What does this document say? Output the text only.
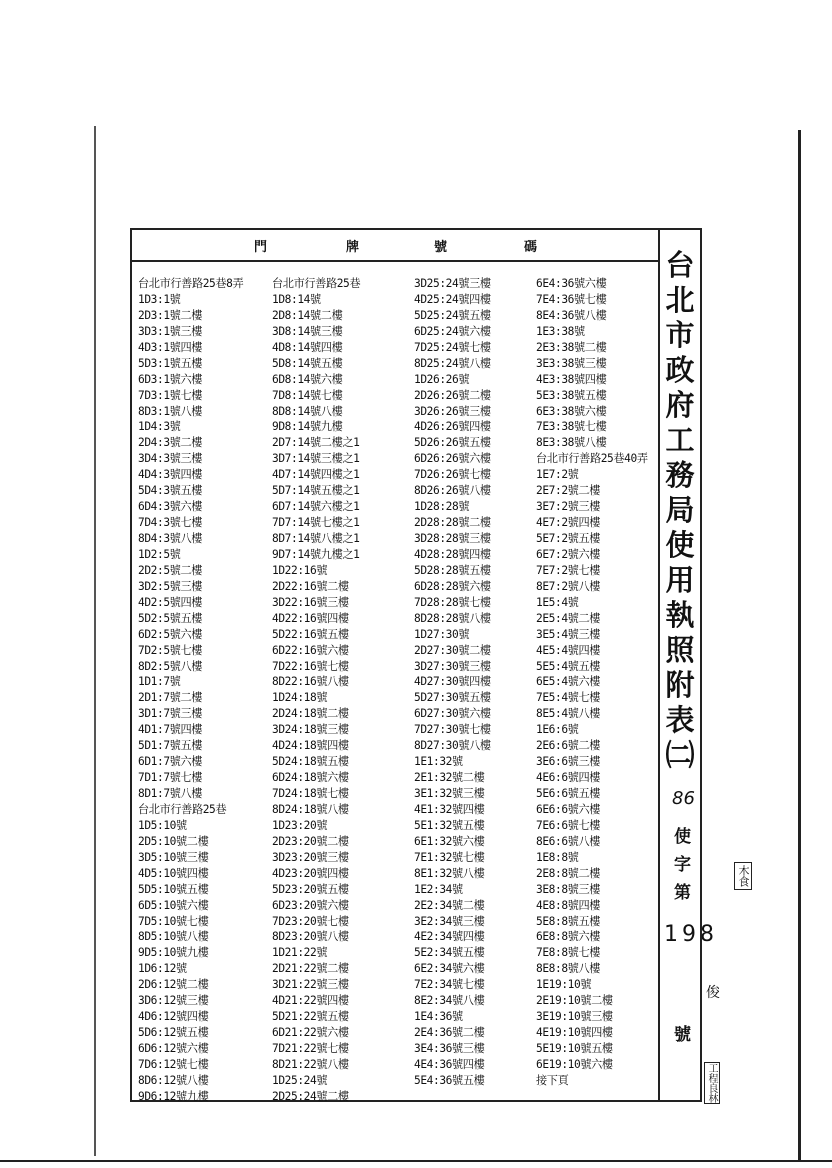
門	牌	號	碼
台北市行善路25巷8弄
1D3:1號
2D3:1號二樓
3D3:1號三樓
4D3:1號四樓
5D3:1號五樓
6D3:1號六樓
7D3:1號七樓
8D3:1號八樓
1D4:3號
2D4:3號二樓
3D4:3號三樓
4D4:3號四樓
5D4:3號五樓
6D4:3號六樓
7D4:3號七樓
8D4:3號八樓
1D2:5號
2D2:5號二樓
3D2:5號三樓
4D2:5號四樓
5D2:5號五樓
6D2:5號六樓
7D2:5號七樓
8D2:5號八樓
1D1:7號
2D1:7號二樓
3D1:7號三樓
4D1:7號四樓
5D1:7號五樓
6D1:7號六樓
7D1:7號七樓
8D1:7號八樓
台北市行善路25巷
1D5:10號
2D5:10號二樓
3D5:10號三樓
4D5:10號四樓
5D5:10號五樓
6D5:10號六樓
7D5:10號七樓
8D5:10號八樓
9D5:10號九樓
1D6:12號
2D6:12號二樓
3D6:12號三樓
4D6:12號四樓
5D6:12號五樓
6D6:12號六樓
7D6:12號七樓
8D6:12號八樓
9D6:12號九樓
台北市行善路25巷
1D8:14號
2D8:14號二樓
3D8:14號三樓
4D8:14號四樓
5D8:14號五樓
6D8:14號六樓
7D8:14號七樓
8D8:14號八樓
9D8:14號九樓
2D7:14號二樓之1
3D7:14號三樓之1
4D7:14號四樓之1
5D7:14號五樓之1
6D7:14號六樓之1
7D7:14號七樓之1
8D7:14號八樓之1
9D7:14號九樓之1
1D22:16號
2D22:16號二樓
3D22:16號三樓
4D22:16號四樓
5D22:16號五樓
6D22:16號六樓
7D22:16號七樓
8D22:16號八樓
1D24:18號
2D24:18號二樓
3D24:18號三樓
4D24:18號四樓
5D24:18號五樓
6D24:18號六樓
7D24:18號七樓
8D24:18號八樓
1D23:20號
2D23:20號二樓
3D23:20號三樓
4D23:20號四樓
5D23:20號五樓
6D23:20號六樓
7D23:20號七樓
8D23:20號八樓
1D21:22號
2D21:22號二樓
3D21:22號三樓
4D21:22號四樓
5D21:22號五樓
6D21:22號六樓
7D21:22號七樓
8D21:22號八樓
1D25:24號
2D25:24號二樓
3D25:24號三樓
4D25:24號四樓
5D25:24號五樓
6D25:24號六樓
7D25:24號七樓
8D25:24號八樓
1D26:26號
2D26:26號二樓
3D26:26號三樓
4D26:26號四樓
5D26:26號五樓
6D26:26號六樓
7D26:26號七樓
8D26:26號八樓
1D28:28號
2D28:28號二樓
3D28:28號三樓
4D28:28號四樓
5D28:28號五樓
6D28:28號六樓
7D28:28號七樓
8D28:28號八樓
1D27:30號
2D27:30號二樓
3D27:30號三樓
4D27:30號四樓
5D27:30號五樓
6D27:30號六樓
7D27:30號七樓
8D27:30號八樓
1E1:32號
2E1:32號二樓
3E1:32號三樓
4E1:32號四樓
5E1:32號五樓
6E1:32號六樓
7E1:32號七樓
8E1:32號八樓
1E2:34號
2E2:34號二樓
3E2:34號三樓
4E2:34號四樓
5E2:34號五樓
6E2:34號六樓
7E2:34號七樓
8E2:34號八樓
1E4:36號
2E4:36號二樓
3E4:36號三樓
4E4:36號四樓
5E4:36號五樓
6E4:36號六樓
7E4:36號七樓
8E4:36號八樓
1E3:38號
2E3:38號二樓
3E3:38號三樓
4E3:38號四樓
5E3:38號五樓
6E3:38號六樓
7E3:38號七樓
8E3:38號八樓
台北市行善路25巷40弄
1E7:2號
2E7:2號二樓
3E7:2號三樓
4E7:2號四樓
5E7:2號五樓
6E7:2號六樓
7E7:2號七樓
8E7:2號八樓
1E5:4號
2E5:4號二樓
3E5:4號三樓
4E5:4號四樓
5E5:4號五樓
6E5:4號六樓
7E5:4號七樓
8E5:4號八樓
1E6:6號
2E6:6號二樓
3E6:6號三樓
4E6:6號四樓
5E6:6號五樓
6E6:6號六樓
7E6:6號七樓
8E6:6號八樓
1E8:8號
2E8:8號二樓
3E8:8號三樓
4E8:8號四樓
5E8:8號五樓
6E8:8號六樓
7E8:8號七樓
8E8:8號八樓
1E19:10號
2E19:10號二樓
3E19:10號三樓
4E19:10號四樓
5E19:10號五樓
6E19:10號六樓
接下頁
台
北
市
政
府
工
務
局
使
用
執
照
附
表
㈡
86
使
字
第
198
號
木食
俊
工程良林
